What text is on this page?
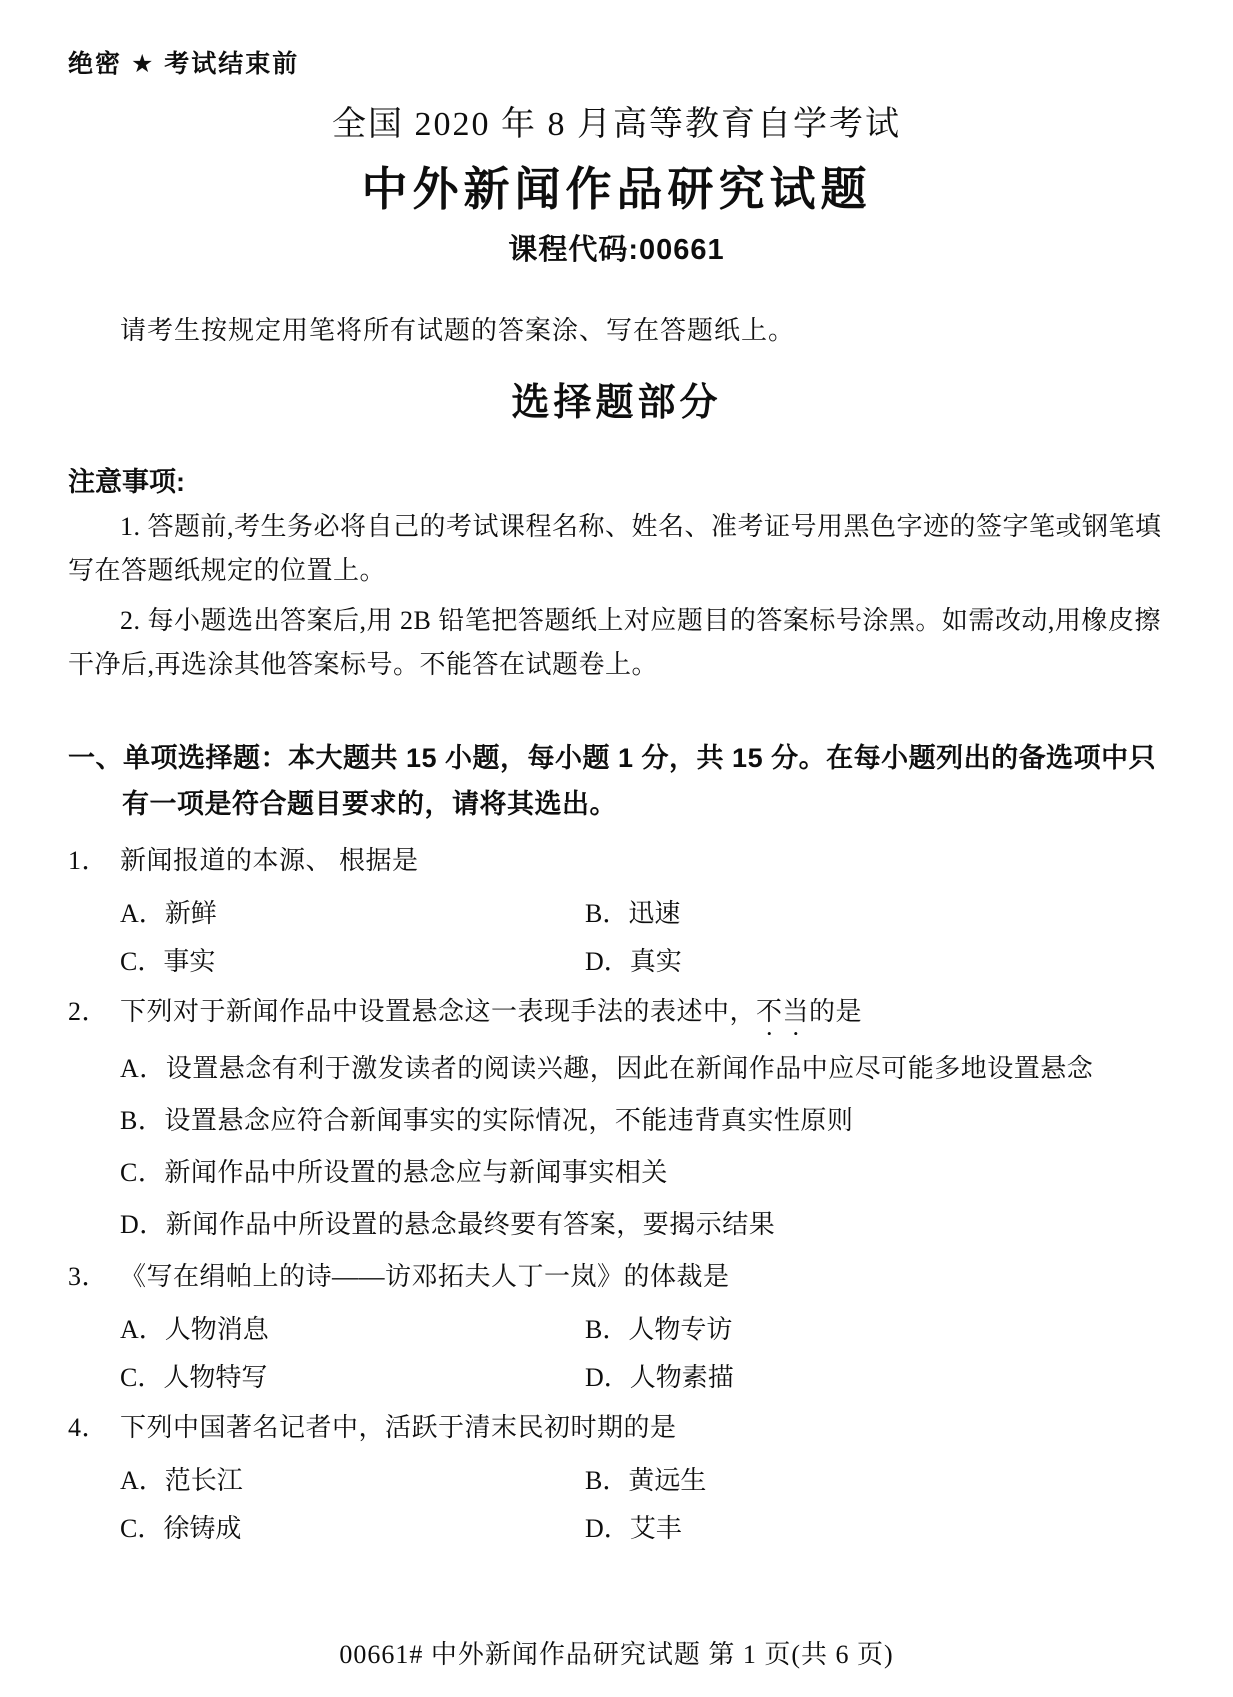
绝密 ★ 考试结束前
全国 2020 年 8 月高等教育自学考试
中外新闻作品研究试题
课程代码:00661
请考生按规定用笔将所有试题的答案涂、写在答题纸上。
选择题部分
注意事项:

1. 答题前,考生务必将自己的考试课程名称、姓名、准考证号用黑色字迹的签字笔或钢笔填写在答题纸规定的位置上。

2. 每小题选出答案后,用 2B 铅笔把答题纸上对应题目的答案标号涂黑。如需改动,用橡皮擦干净后,再选涂其他答案标号。不能答在试题卷上。

一、单项选择题：本大题共 15 小题，每小题 1 分，共 15 分。在每小题列出的备选项中只有一项是符合题目要求的，请将其选出。
1． 新闻报道的本源、 根据是
A．新鲜	B．迅速
C．事实	D．真实
2． 下列对于新闻作品中设置悬念这一表现手法的表述中，不当的是
A．设置悬念有利于激发读者的阅读兴趣，因此在新闻作品中应尽可能多地设置悬念
B．设置悬念应符合新闻事实的实际情况，不能违背真实性原则
C．新闻作品中所设置的悬念应与新闻事实相关
D．新闻作品中所设置的悬念最终要有答案，要揭示结果
3． 《写在绢帕上的诗——访邓拓夫人丁一岚》的体裁是
A．人物消息	B．人物专访
C．人物特写	D．人物素描
4． 下列中国著名记者中，活跃于清末民初时期的是
A．范长江	B．黄远生
C．徐铸成	D．艾丰
00661# 中外新闻作品研究试题 第 1 页(共 6 页)
